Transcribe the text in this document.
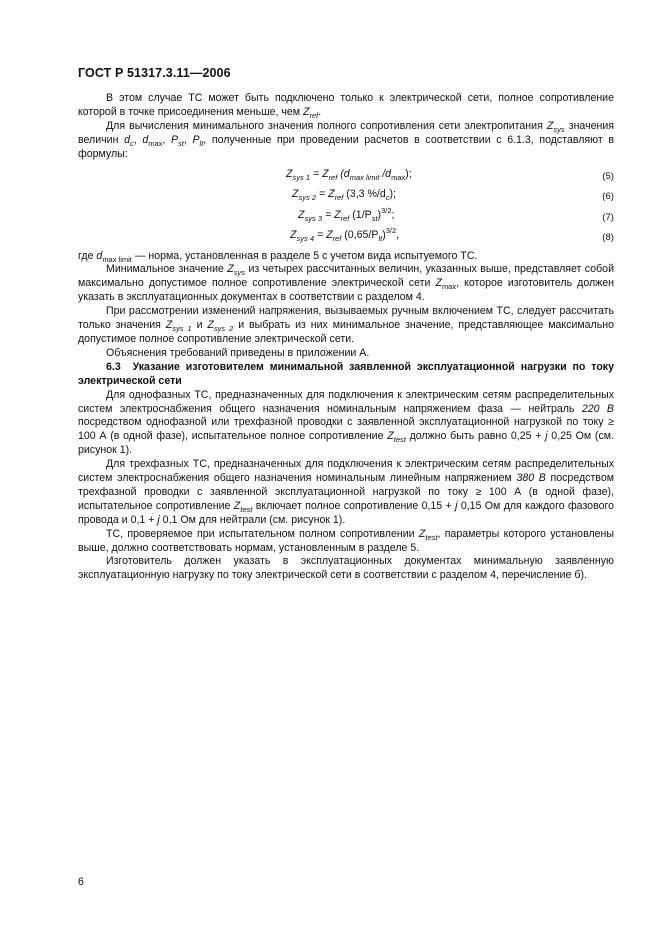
ГОСТ Р 51317.3.11—2006

В этом случае ТС может быть подключено только к электрической сети, полное сопротивление которой в точке присоединения меньше, чем $Z_{ref}$.

Для вычисления минимального значения полного сопротивления сети электропитания $Z_{sys}$ значения величин $d_c$, $d_{max}$, $P_{st}$, $P_{lt}$, полученные при проведении расчетов в соответствии с 6.1.3, подставляют в формулы:

$Z_{sys 1} = Z_{ref}$ ($d_{max limit}$ $/d_{max}$);	(5)
$Z_{sys 2} = Z_{ref}$ (3,3 $\%/d_c$);	(6)
$Z_{sys 3} = Z_{ref}$ $(1/P_{st})^{3/2}$;	(7)
$Z_{sys 4} = Z_{ref}$ $(0,65/P_{lt})^{3/2}$,	(8)

где $d_{max limit}$ — норма, установленная в разделе 5 с учетом вида испытуемого ТС.

Минимальное значение $Z_{sys}$ из четырех рассчитанных величин, указанных выше, представляет собой максимально допустимое полное сопротивление электрической сети $Z_{max}$, которое изготовитель должен указать в эксплуатационных документах в соответствии с разделом 4.

При рассмотрении изменений напряжения, вызываемых ручным включением ТС, следует рассчитать только значения $Z_{sys 1}$ и $Z_{sys 2}$ и выбрать из них минимальное значение, представляющее максимально допустимое полное сопротивление электрической сети.

Объяснения требований приведены в приложении А.

6.3 Указание изготовителем минимальной заявленной эксплуатационной нагрузки по току электрической сети

Для однофазных ТС, предназначенных для подключения к электрическим сетям распределительных систем электроснабжения общего назначения номинальным напряжением фаза — нейтраль 220 В посредством однофазной или трехфазной проводки с заявленной эксплуатационной нагрузкой по току ≥ 100 А (в одной фазе), испытательное полное сопротивление $Z_{test}$ должно быть равно 0,25 + j 0,25 Ом (см. рисунок 1).

Для трехфазных ТС, предназначенных для подключения к электрическим сетям распределительных систем электроснабжения общего назначения номинальным линейным напряжением 380 В посредством трехфазной проводки с заявленной эксплуатационной нагрузкой по току ≥ 100 А (в одной фазе), испытательное сопротивление $Z_{test}$ включает полное сопротивление 0,15 + j 0,15 Ом для каждого фазового провода и 0,1 + j 0,1 Ом для нейтрали (см. рисунок 1).

ТС, проверяемое при испытательном полном сопротивлении $Z_{test}$, параметры которого установлены выше, должно соответствовать нормам, установленным в разделе 5.

Изготовитель должен указать в эксплуатационных документах минимальную заявленную эксплуатационную нагрузку по току электрической сети в соответствии с разделом 4, перечисление б).

6
